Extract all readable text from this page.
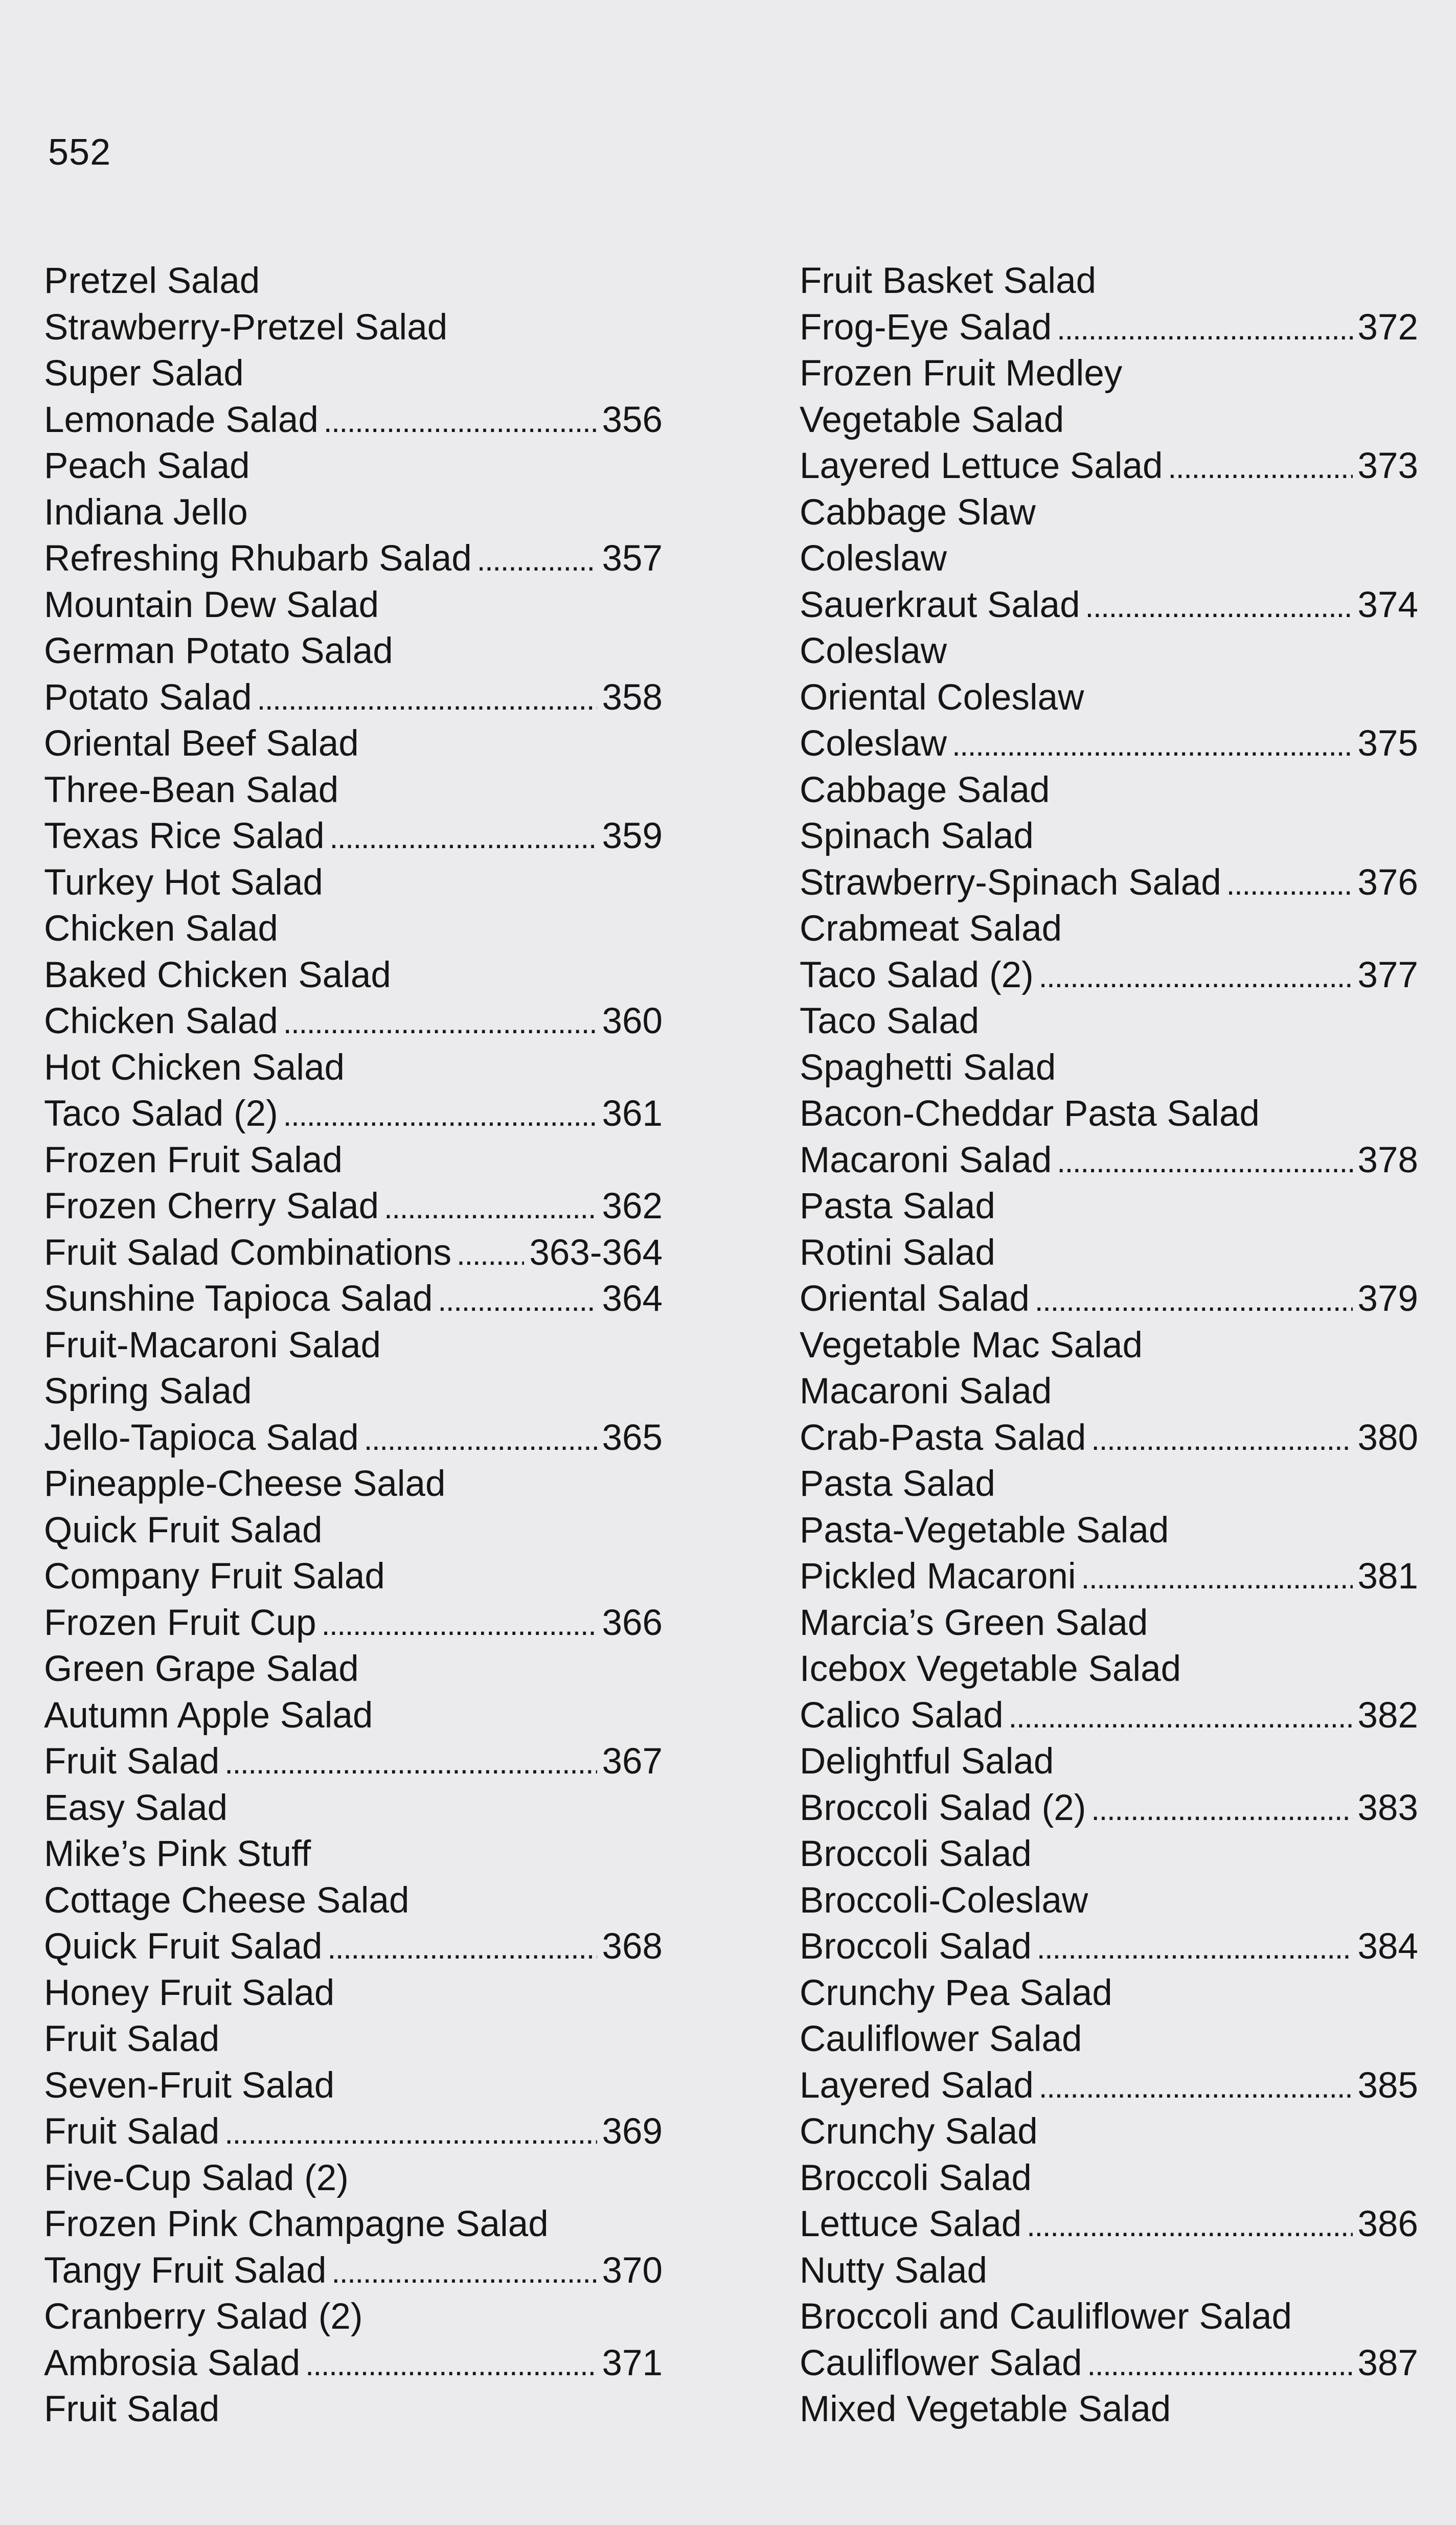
552
Pretzel Salad
Strawberry-Pretzel Salad
Super Salad
Lemonade Salad . . .	356
Peach Salad
Indiana Jello
Refreshing Rhubarb Salad . . .	357
Mountain Dew Salad
German Potato Salad
Potato Salad . . .	358
Oriental Beef Salad
Three-Bean Salad
Texas Rice Salad . . .	359
Turkey Hot Salad
Chicken Salad
Baked Chicken Salad
Chicken Salad . . .	360
Hot Chicken Salad
Taco Salad (2) . . .	361
Frozen Fruit Salad
Frozen Cherry Salad . . .	362
Fruit Salad Combinations . . . 363-364
Sunshine Tapioca Salad . . .	364
Fruit-Macaroni Salad
Spring Salad
Jello-Tapioca Salad . . .	365
Pineapple-Cheese Salad
Quick Fruit Salad
Company Fruit Salad
Frozen Fruit Cup . . .	366
Green Grape Salad
Autumn Apple Salad
Fruit Salad . . .	367
Easy Salad
Mike’s Pink Stuff
Cottage Cheese Salad
Quick Fruit Salad . . .	368
Honey Fruit Salad
Fruit Salad
Seven-Fruit Salad
Fruit Salad . . .	369
Five-Cup Salad (2)
Frozen Pink Champagne Salad
Tangy Fruit Salad . . .	370
Cranberry Salad (2)
Ambrosia Salad . . .	371
Fruit Salad
Fruit Basket Salad
Frog-Eye Salad . . .	372
Frozen Fruit Medley
Vegetable Salad
Layered Lettuce Salad . . .	373
Cabbage Slaw
Coleslaw
Sauerkraut Salad . . .	374
Coleslaw
Oriental Coleslaw
Coleslaw . . .	375
Cabbage Salad
Spinach Salad
Strawberry-Spinach Salad . . .	376
Crabmeat Salad
Taco Salad (2) . . .	377
Taco Salad
Spaghetti Salad
Bacon-Cheddar Pasta Salad
Macaroni Salad . . .	378
Pasta Salad
Rotini Salad
Oriental Salad . . .	379
Vegetable Mac Salad
Macaroni Salad
Crab-Pasta Salad . . .	380
Pasta Salad
Pasta-Vegetable Salad
Pickled Macaroni . . .	381
Marcia’s Green Salad
Icebox Vegetable Salad
Calico Salad . . .	382
Delightful Salad
Broccoli Salad (2) . . .	383
Broccoli Salad
Broccoli-Coleslaw
Broccoli Salad . . .	384
Crunchy Pea Salad
Cauliflower Salad
Layered Salad . . .	385
Crunchy Salad
Broccoli Salad
Lettuce Salad . . .	386
Nutty Salad
Broccoli and Cauliflower Salad
Cauliflower Salad . . .	387
Mixed Vegetable Salad
